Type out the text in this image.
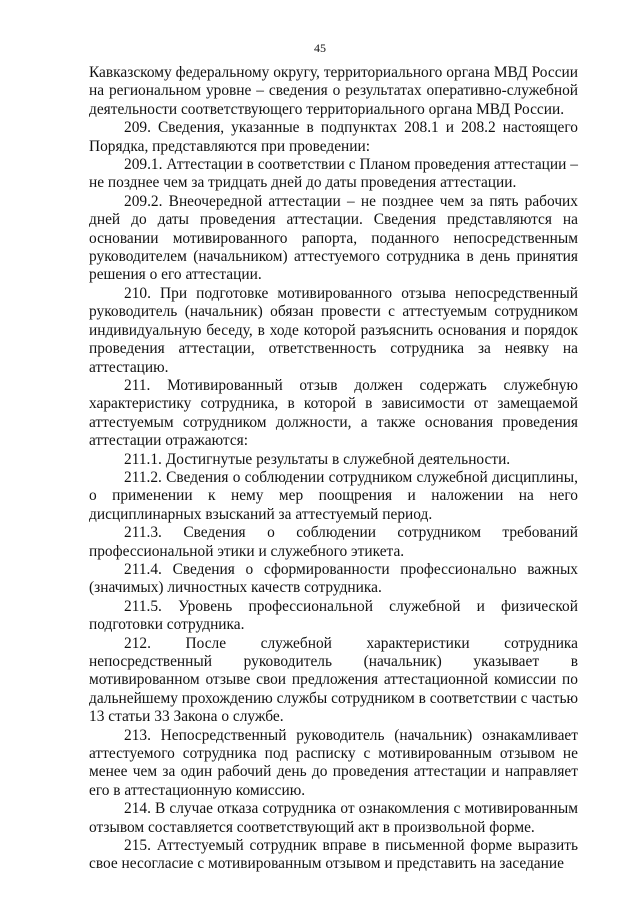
45

Кавказскому федеральному округу, территориального органа МВД России на региональном уровне – сведения о результатах оперативно-служебной деятельности соответствующего территориального органа МВД России.

209. Сведения, указанные в подпунктах 208.1 и 208.2 настоящего Порядка, представляются при проведении:

209.1. Аттестации в соответствии с Планом проведения аттестации – не позднее чем за тридцать дней до даты проведения аттестации.

209.2. Внеочередной аттестации – не позднее чем за пять рабочих дней до даты проведения аттестации. Сведения представляются на основании мотивированного рапорта, поданного непосредственным руководителем (начальником) аттестуемого сотрудника в день принятия решения о его аттестации.

210. При подготовке мотивированного отзыва непосредственный руководитель (начальник) обязан провести с аттестуемым сотрудником индивидуальную беседу, в ходе которой разъяснить основания и порядок проведения аттестации, ответственность сотрудника за неявку на аттестацию.

211. Мотивированный отзыв должен содержать служебную характеристику сотрудника, в которой в зависимости от замещаемой аттестуемым сотрудником должности, а также основания проведения аттестации отражаются:

211.1. Достигнутые результаты в служебной деятельности.

211.2. Сведения о соблюдении сотрудником служебной дисциплины, о применении к нему мер поощрения и наложении на него дисциплинарных взысканий за аттестуемый период.

211.3. Сведения о соблюдении сотрудником требований профессиональной этики и служебного этикета.

211.4. Сведения о сформированности профессионально важных (значимых) личностных качеств сотрудника.

211.5. Уровень профессиональной служебной и физической подготовки сотрудника.

212. После служебной характеристики сотрудника непосредственный руководитель (начальник) указывает в мотивированном отзыве свои предложения аттестационной комиссии по дальнейшему прохождению службы сотрудником в соответствии с частью 13 статьи 33 Закона о службе.

213. Непосредственный руководитель (начальник) ознакамливает аттестуемого сотрудника под расписку с мотивированным отзывом не менее чем за один рабочий день до проведения аттестации и направляет его в аттестационную комиссию.

214. В случае отказа сотрудника от ознакомления с мотивированным отзывом составляется соответствующий акт в произвольной форме.

215. Аттестуемый сотрудник вправе в письменной форме выразить свое несогласие с мотивированным отзывом и представить на заседание
